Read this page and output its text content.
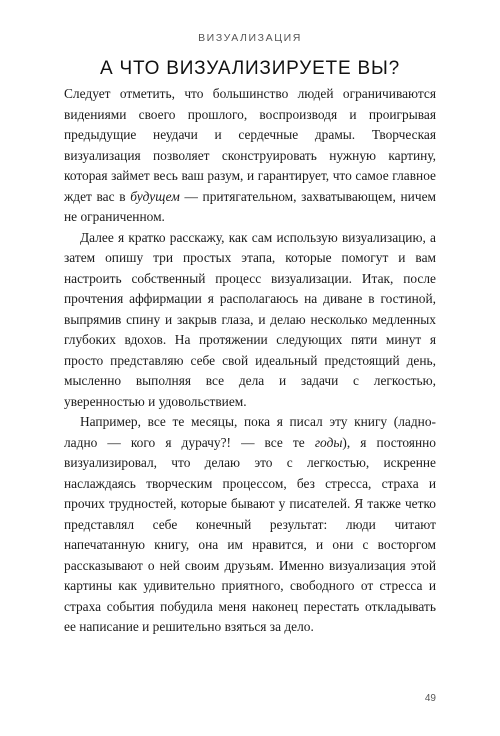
ВИЗУАЛИЗАЦИЯ
А ЧТО ВИЗУАЛИЗИРУЕТЕ ВЫ?

Следует отметить, что большинство людей ограничиваются видениями своего прошлого, воспроизводя и проигрывая предыдущие неудачи и сердечные драмы. Творческая визуализация позволяет сконструировать нужную картину, которая займет весь ваш разум, и гарантирует, что самое главное ждет вас в будущем — притягательном, захватывающем, ничем не ограниченном.

Далее я кратко расскажу, как сам использую визуализацию, а затем опишу три простых этапа, которые помогут и вам настроить собственный процесс визуализации. Итак, после прочтения аффирмации я располагаюсь на диване в гостиной, выпрямив спину и закрыв глаза, и делаю несколько медленных глубоких вдохов. На протяжении следующих пяти минут я просто представляю себе свой идеальный предстоящий день, мысленно выполняя все дела и задачи с легкостью, уверенностью и удовольствием.

Например, все те месяцы, пока я писал эту книгу (ладно-ладно — кого я дурачу?! — все те годы), я постоянно визуализировал, что делаю это с легкостью, искренне наслаждаясь творческим процессом, без стресса, страха и прочих трудностей, которые бывают у писателей. Я также четко представлял себе конечный результат: люди читают напечатанную книгу, она им нравится, и они с восторгом рассказывают о ней своим друзьям. Именно визуализация этой картины как удивительно приятного, свободного от стресса и страха события побудила меня наконец перестать откладывать ее написание и решительно взяться за дело.

49
